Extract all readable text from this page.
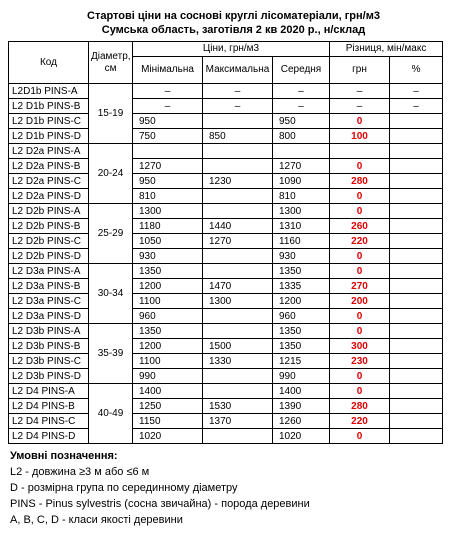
Стартові ціни на соснові круглі лісоматеріали, грн/м3
Сумська область, заготівля 2 кв 2020 р., н/склад
Код	Діаметр, см	Ціни, грн/м3			Різниця, мін/макс	
		Мінімальна	Максимальна	Середня	грн	%
L2D1b PINS-A	15-19	–	–	–	–	–
L2 D1b PINS-B		–	–	–	–	–
L2 D1b PINS-C		950		950	0	
L2 D1b PINS-D		750	850	800	100	
L2 D2a PINS-A	20-24					
L2 D2a PINS-B		1270		1270	0	
L2 D2a PINS-C		950	1230	1090	280	
L2 D2a PINS-D		810		810	0	
L2 D2b PINS-A	25-29	1300		1300	0	
L2 D2b PINS-B		1180	1440	1310	260	
L2 D2b PINS-C		1050	1270	1160	220	
L2 D2b PINS-D		930		930	0	
L2 D3a PINS-A	30-34	1350		1350	0	
L2 D3a PINS-B		1200	1470	1335	270	
L2 D3a PINS-C		1100	1300	1200	200	
L2 D3a PINS-D		960		960	0	
L2 D3b PINS-A	35-39	1350		1350	0	
L2 D3b PINS-B		1200	1500	1350	300	
L2 D3b PINS-C		1100	1330	1215	230	
L2 D3b PINS-D		990		990	0	
L2 D4 PINS-A	40-49	1400		1400	0	
L2 D4 PINS-B		1250	1530	1390	280	
L2 D4 PINS-C		1150	1370	1260	220	
L2 D4 PINS-D		1020		1020	0	
Умовні позначення:
L2 - довжина ≥3 м або ≤6 м
D - розмірна група по серединному діаметру
PINS - Pinus sylvestris (сосна звичайна) - порода деревини
A, B, C, D - класи якості деревини
